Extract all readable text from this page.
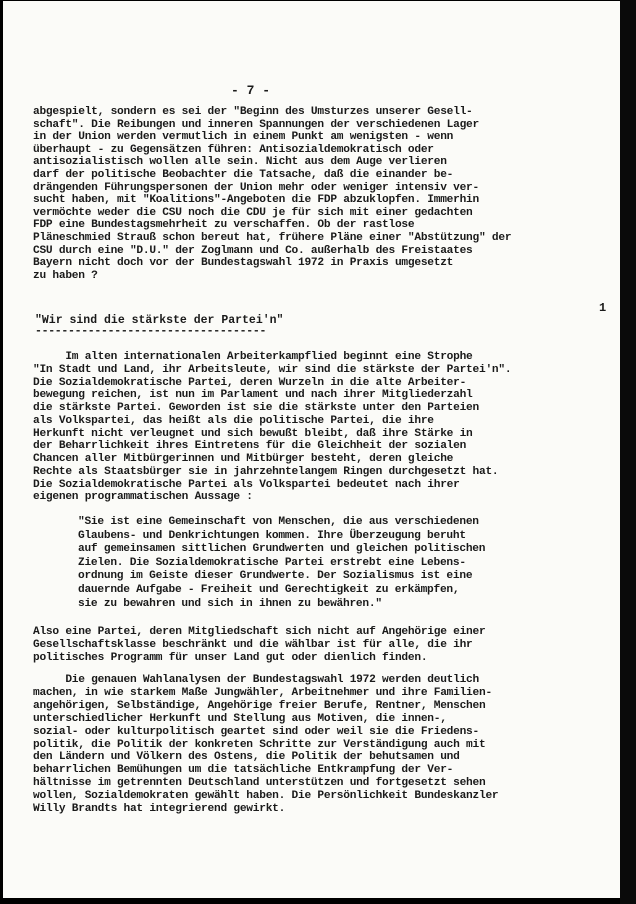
- 7 -
1
abgespielt, sondern es sei der "Beginn des Umsturzes unserer Gesell-
schaft". Die Reibungen und inneren Spannungen der verschiedenen Lager
in der Union werden vermutlich in einem Punkt am wenigsten - wenn
überhaupt - zu Gegensätzen führen: Antisozialdemokratisch oder
antisozialistisch wollen alle sein. Nicht aus dem Auge verlieren
darf der politische Beobachter die Tatsache, daß die einander be-
drängenden Führungspersonen der Union mehr oder weniger intensiv ver-
sucht haben, mit "Koalitions"-Angeboten die FDP abzuklopfen. Immerhin
vermöchte weder die CSU noch die CDU je für sich mit einer gedachten
FDP eine Bundestagsmehrheit zu verschaffen. Ob der rastlose
Pläneschmied Strauß schon bereut hat, frühere Pläne einer "Abstützung" der
CSU durch eine "D.U." der Zoglmann und Co. außerhalb des Freistaates
Bayern nicht doch vor der Bundestagswahl 1972 in Praxis umgesetzt
zu haben ?
"Wir sind die stärkste der Partei'n"
-----------------------------------
Im alten internationalen Arbeiterkampflied beginnt eine Strophe
"In Stadt und Land, ihr Arbeitsleute, wir sind die stärkste der Partei'n".
Die Sozialdemokratische Partei, deren Wurzeln in die alte Arbeiter-
bewegung reichen, ist nun im Parlament und nach ihrer Mitgliederzahl
die stärkste Partei. Geworden ist sie die stärkste unter den Parteien
als Volkspartei, das heißt als die politische Partei, die ihre
Herkunft nicht verleugnet und sich bewußt bleibt, daß ihre Stärke in
der Beharrlichkeit ihres Eintretens für die Gleichheit der sozialen
Chancen aller Mitbürgerinnen und Mitbürger besteht, deren gleiche
Rechte als Staatsbürger sie in jahrzehntelangem Ringen durchgesetzt hat.
Die Sozialdemokratische Partei als Volkspartei bedeutet nach ihrer
eigenen programmatischen Aussage :
"Sie ist eine Gemeinschaft von Menschen, die aus verschiedenen
Glaubens- und Denkrichtungen kommen. Ihre Überzeugung beruht
auf gemeinsamen sittlichen Grundwerten und gleichen politischen
Zielen. Die Sozialdemokratische Partei erstrebt eine Lebens-
ordnung im Geiste dieser Grundwerte. Der Sozialismus ist eine
dauernde Aufgabe - Freiheit und Gerechtigkeit zu erkämpfen,
sie zu bewahren und sich in ihnen zu bewähren."
Also eine Partei, deren Mitgliedschaft sich nicht auf Angehörige einer
Gesellschaftsklasse beschränkt und die wählbar ist für alle, die ihr
politisches Programm für unser Land gut oder dienlich finden.
Die genauen Wahlanalysen der Bundestagswahl 1972 werden deutlich
machen, in wie starkem Maße Jungwähler, Arbeitnehmer und ihre Familien-
angehörigen, Selbständige, Angehörige freier Berufe, Rentner, Menschen
unterschiedlicher Herkunft und Stellung aus Motiven, die innen-,
sozial- oder kulturpolitisch geartet sind oder weil sie die Friedens-
politik, die Politik der konkreten Schritte zur Verständigung auch mit
den Ländern und Völkern des Ostens, die Politik der behutsamen und
beharrlichen Bemühungen um die tatsächliche Entkrampfung der Ver-
hältnisse im getrennten Deutschland unterstützen und fortgesetzt sehen
wollen, Sozialdemokraten gewählt haben. Die Persönlichkeit Bundeskanzler
Willy Brandts hat integrierend gewirkt.
